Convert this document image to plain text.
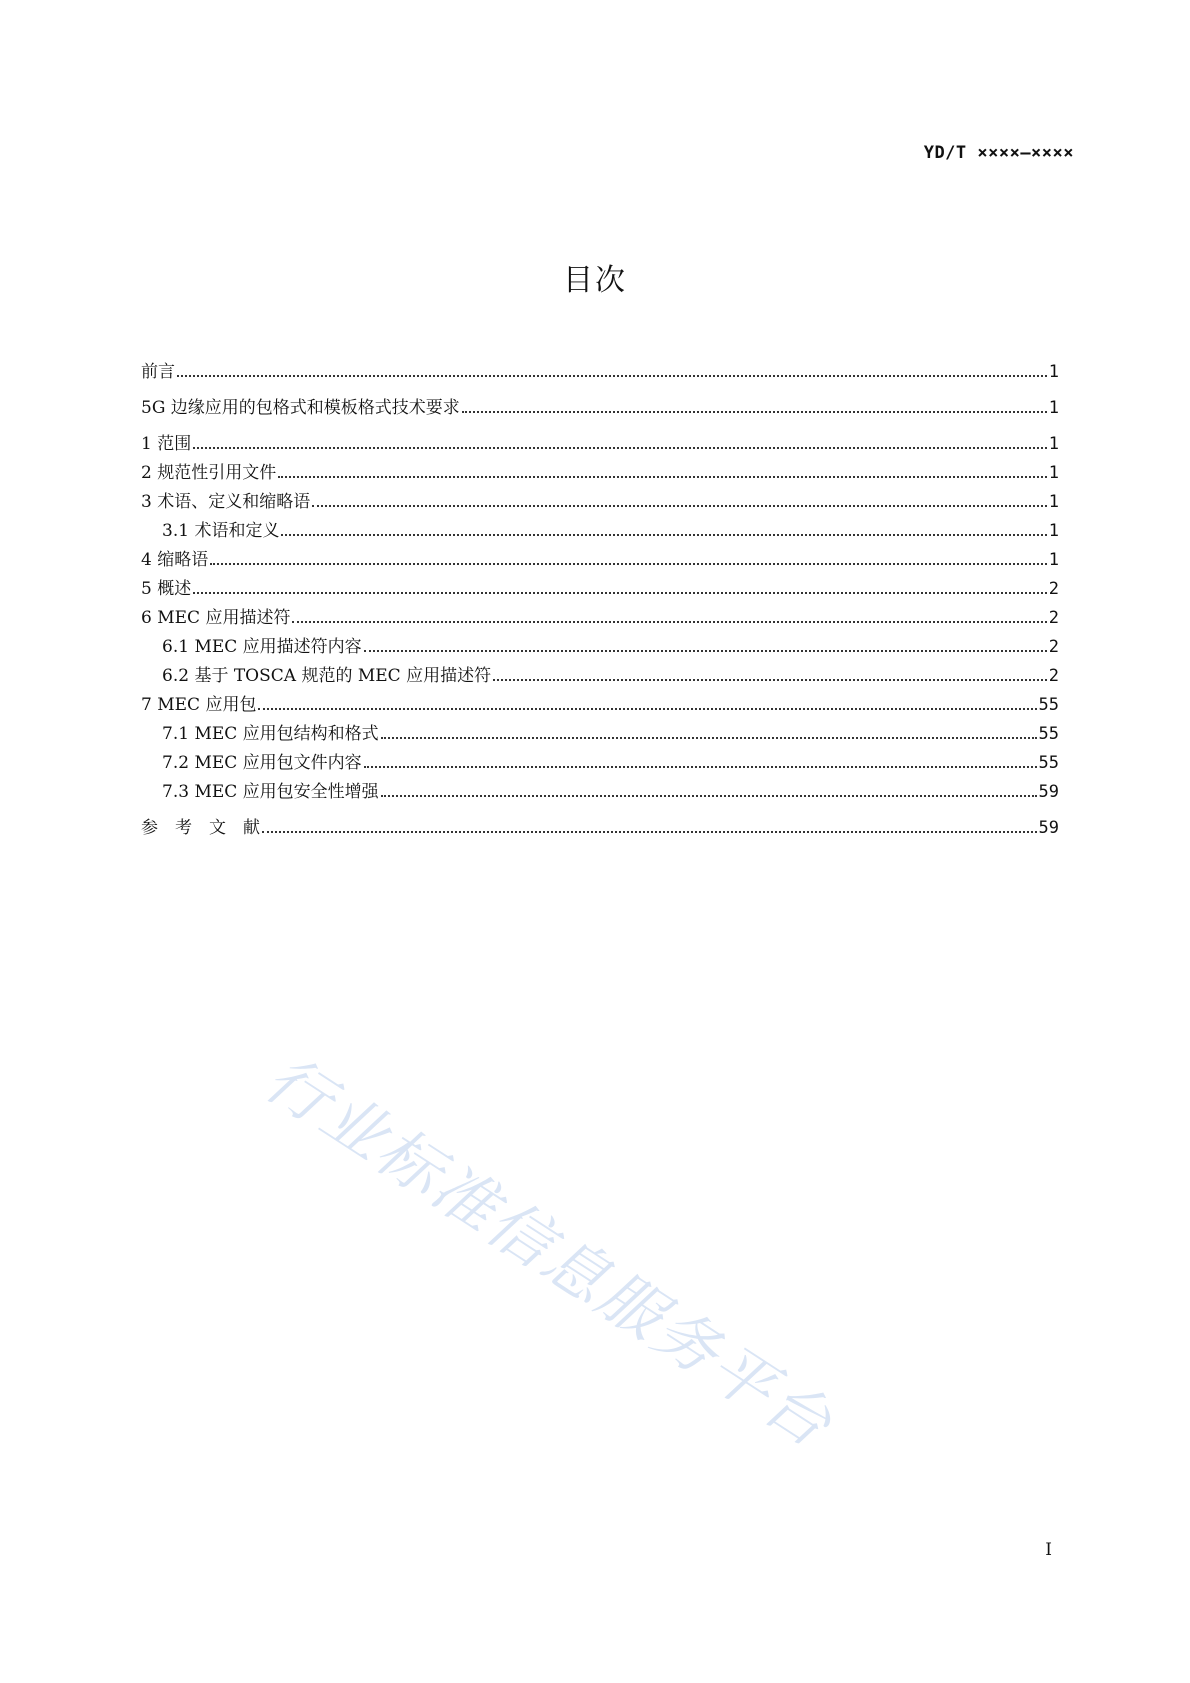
YD/T ××××—××××
目次
前言	1
5G 边缘应用的包格式和模板格式技术要求	1
1 范围	1
2 规范性引用文件	1
3 术语、定义和缩略语	1
3.1 术语和定义	1
4 缩略语	1
5 概述	2
6 MEC 应用描述符	2
6.1 MEC 应用描述符内容	2
6.2 基于 TOSCA 规范的 MEC 应用描述符	2
7 MEC 应用包	55
7.1 MEC 应用包结构和格式	55
7.2 MEC 应用包文件内容	55
7.3 MEC 应用包安全性增强	59
参　考　文　献	59
行业标准信息服务平台
I
